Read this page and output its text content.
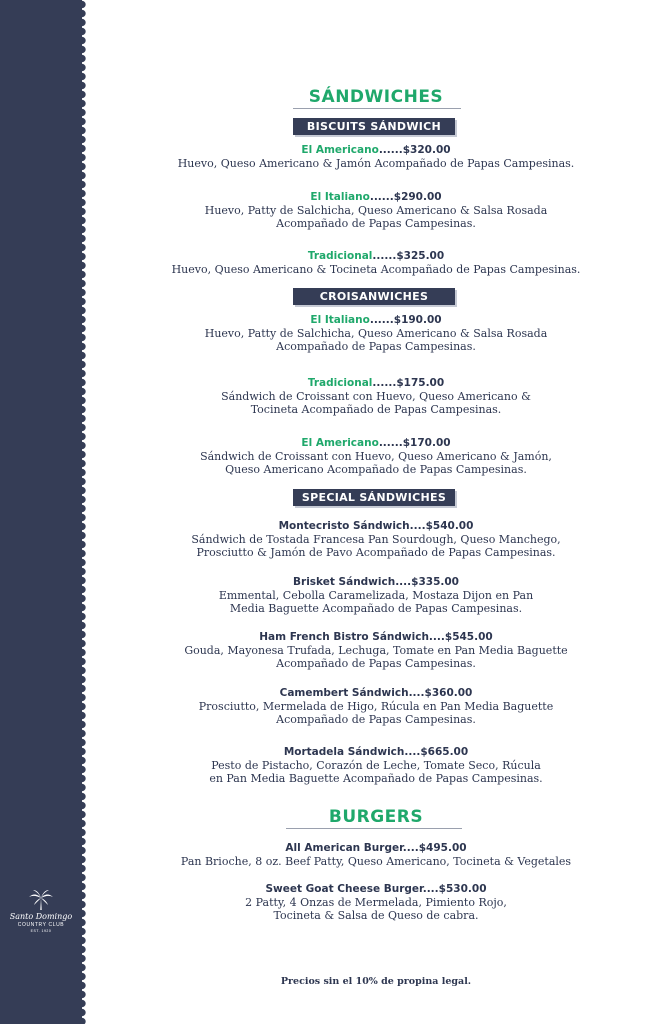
Santo Domingo
COUNTRY CLUB
EST. 1920
SÁNDWICHES
BISCUITS SÁNDWICH
El Americano......$320.00
Huevo, Queso Americano & Jamón Acompañado de Papas Campesinas.
El Italiano......$290.00
Huevo, Patty de Salchicha, Queso Americano & Salsa Rosada
Acompañado de Papas Campesinas.
Tradicional......$325.00
Huevo, Queso Americano & Tocineta Acompañado de Papas Campesinas.
CROISANWICHES
El Italiano......$190.00
Huevo, Patty de Salchicha, Queso Americano & Salsa Rosada
Acompañado de Papas Campesinas.
Tradicional......$175.00
Sándwich de Croissant con Huevo, Queso Americano &
Tocineta Acompañado de Papas Campesinas.
El Americano......$170.00
Sándwich de Croissant con Huevo, Queso Americano & Jamón,
Queso Americano Acompañado de Papas Campesinas.
SPECIAL SÁNDWICHES
Montecristo Sándwich....$540.00
Sándwich de Tostada Francesa Pan Sourdough, Queso Manchego,
Prosciutto & Jamón de Pavo Acompañado de Papas Campesinas.
Brisket Sándwich....$335.00
Emmental, Cebolla Caramelizada, Mostaza Dijon en Pan
Media Baguette Acompañado de Papas Campesinas.
Ham French Bistro Sándwich....$545.00
Gouda, Mayonesa Trufada, Lechuga, Tomate en Pan Media Baguette
Acompañado de Papas Campesinas.
Camembert Sándwich....$360.00
Prosciutto, Mermelada de Higo, Rúcula en Pan Media Baguette
Acompañado de Papas Campesinas.
Mortadela Sándwich....$665.00
Pesto de Pistacho, Corazón de Leche, Tomate Seco, Rúcula
en Pan Media Baguette Acompañado de Papas Campesinas.
BURGERS
All American Burger....$495.00
Pan Brioche, 8 oz. Beef Patty, Queso Americano, Tocineta & Vegetales
Sweet Goat Cheese Burger....$530.00
2 Patty, 4 Onzas de Mermelada, Pimiento Rojo,
Tocineta & Salsa de Queso de cabra.
Precios sin el 10% de propina legal.
